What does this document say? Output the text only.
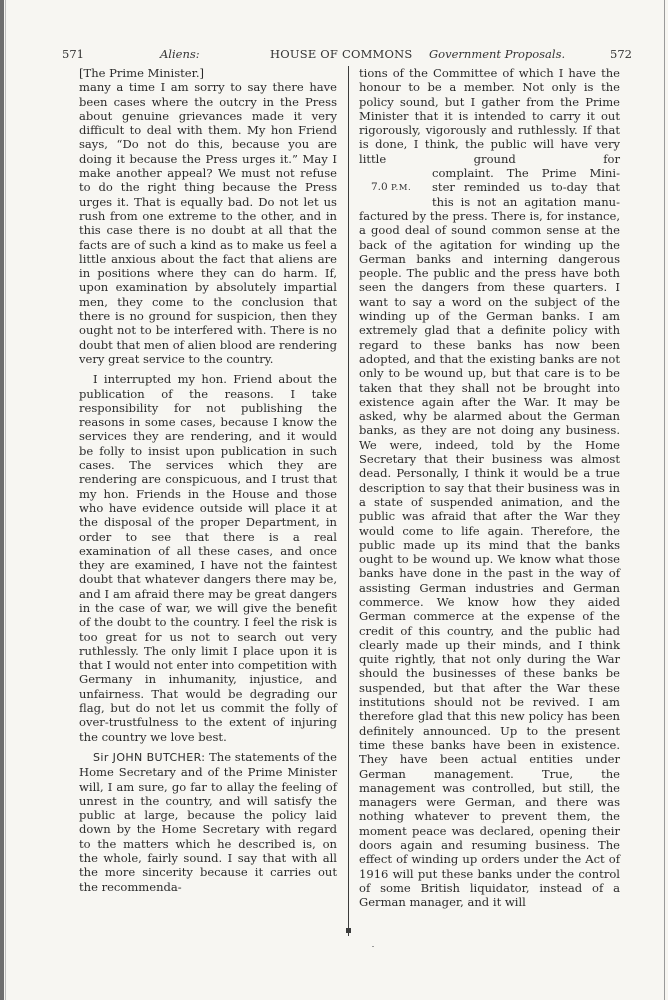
571	Aliens:	HOUSE OF COMMONS Government Proposals.	572

[The Prime Minister.]

many a time I am sorry to say there have been cases where the outcry in the Press about genuine grievances made it very difficult to deal with them. My hon Friend says, “Do not do this, because you are doing it because the Press urges it.” May I make another appeal? We must not refuse to do the right thing because the Press urges it. That is equally bad. Do not let us rush from one extreme to the other, and in this case there is no doubt at all that the facts are of such a kind as to make us feel a little anxious about the fact that aliens are in positions where they can do harm. If, upon examination by absolutely impartial men, they come to the conclusion that there is no ground for suspicion, then they ought not to be interfered with. There is no doubt that men of alien blood are rendering very great service to the country.

I interrupted my hon. Friend about the publication of the reasons. I take responsibility for not publishing the reasons in some cases, because I know the services they are rendering, and it would be folly to insist upon publication in such cases. The services which they are rendering are conspicuous, and I trust that my hon. Friends in the House and those who have evidence outside will place it at the disposal of the proper Department, in order to see that there is a real examination of all these cases, and once they are examined, I have not the faintest doubt that whatever dangers there may be, and I am afraid there may be great dangers in the case of war, we will give the benefit of the doubt to the country. I feel the risk is too great for us not to search out very ruthlessly. The only limit I place upon it is that I would not enter into competition with Germany in inhumanity, injustice, and unfairness. That would be degrading our flag, but do not let us commit the folly of over-trustfulness to the extent of injuring the country we love best.

Sir JOHN BUTCHER: The statements of the Home Secretary and of the Prime Minister will, I am sure, go far to allay the feeling of unrest in the country, and will satisfy the public at large, because the policy laid down by the Home Secretary with regard to the matters which he described is, on the whole, fairly sound. I say that with all the more sincerity because it carries out the recommenda-

tions of the Committee of which I have the honour to be a member. Not only is the policy sound, but I gather from the Prime Minister that it is intended to carry it out rigorously, vigorously and ruthlessly. If that is done, I think, the public will have very little ground for

complaint. The Prime Mini-

ster reminded us to-day that

this is not an agitation manu-

7.0 P.M.

factured by the press. There is, for instance, a good deal of sound common sense at the back of the agitation for winding up the German banks and interning dangerous people. The public and the press have both seen the dangers from these quarters. I want to say a word on the subject of the winding up of the German banks. I am extremely glad that a definite policy with regard to these banks has now been adopted, and that the existing banks are not only to be wound up, but that care is to be taken that they shall not be brought into existence again after the War. It may be asked, why be alarmed about the German banks, as they are not doing any business. We were, indeed, told by the Home Secretary that their business was almost dead. Personally, I think it would be a true description to say that their business was in a state of suspended animation, and the public was afraid that after the War they would come to life again. Therefore, the public made up its mind that the banks ought to be wound up. We know what those banks have done in the past in the way of assisting German industries and German commerce. We know how they aided German commerce at the expense of the credit of this country, and the public had clearly made up their minds, and I think quite rightly, that not only during the War should the businesses of these banks be suspended, but that after the War these institutions should not be revived. I am therefore glad that this new policy has been definitely announced. Up to the present time these banks have been in existence. They have been actual entities under German management. True, the management was controlled, but still, the managers were German, and there was nothing whatever to prevent them, the moment peace was declared, opening their doors again and resuming business. The effect of winding up orders under the Act of 1916 will put these banks under the control of some British liquidator, instead of a German manager, and it will
